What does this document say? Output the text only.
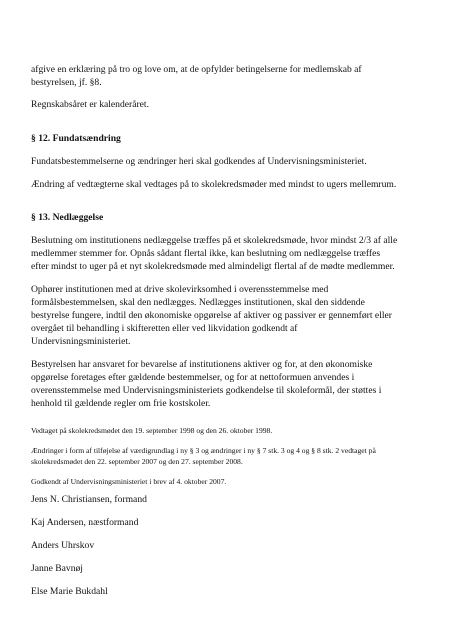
afgive en erklæring på tro og love om, at de opfylder betingelserne for medlemskab af
bestyrelsen, jf. §8.
Regnskabsåret er kalenderåret.
§ 12. Fundatsændring
Fundatsbestemmelserne og ændringer heri skal godkendes af Undervisningsministeriet.
Ændring af vedtægterne skal vedtages på to skolekredsmøder med mindst to ugers mellemrum.
§ 13. Nedlæggelse
Beslutning om institutionens nedlæggelse træffes på et skolekredsmøde, hvor mindst 2/3 af alle
medlemmer stemmer for. Opnås sådant flertal ikke, kan beslutning om nedlæggelse træffes
efter mindst to uger på et nyt skolekredsmøde med almindeligt flertal af de mødte medlemmer.
Ophører institutionen med at drive skolevirksomhed i overensstemmelse med
formålsbestemmelsen, skal den nedlægges. Nedlægges institutionen, skal den siddende
bestyrelse fungere, indtil den økonomiske opgørelse af aktiver og passiver er gennemført eller
overgået til behandling i skifteretten eller ved likvidation godkendt af
Undervisningsministeriet.
Bestyrelsen har ansvaret for bevarelse af institutionens aktiver og for, at den økonomiske
opgørelse foretages efter gældende bestemmelser, og for at nettoformuen anvendes i
overensstemmelse med Undervisningsministeriets godkendelse til skoleformål, der støttes i
henhold til gældende regler om frie kostskoler.
Vedtaget på skolekredsmødet den 19. september 1998 og den 26. oktober 1998.
Ændringer i form af tilføjelse af værdigrundlag i ny § 3 og ændringer i ny § 7 stk. 3 og 4 og § 8 stk. 2 vedtaget på
skolekredsmødet den 22. september 2007 og den 27. september 2008.
Godkendt af Undervisningsministeriet i brev af 4. oktober 2007.
Jens N. Christiansen, formand
Kaj Andersen, næstformand
Anders Uhrskov
Janne Bavnøj
Else Marie Bukdahl
